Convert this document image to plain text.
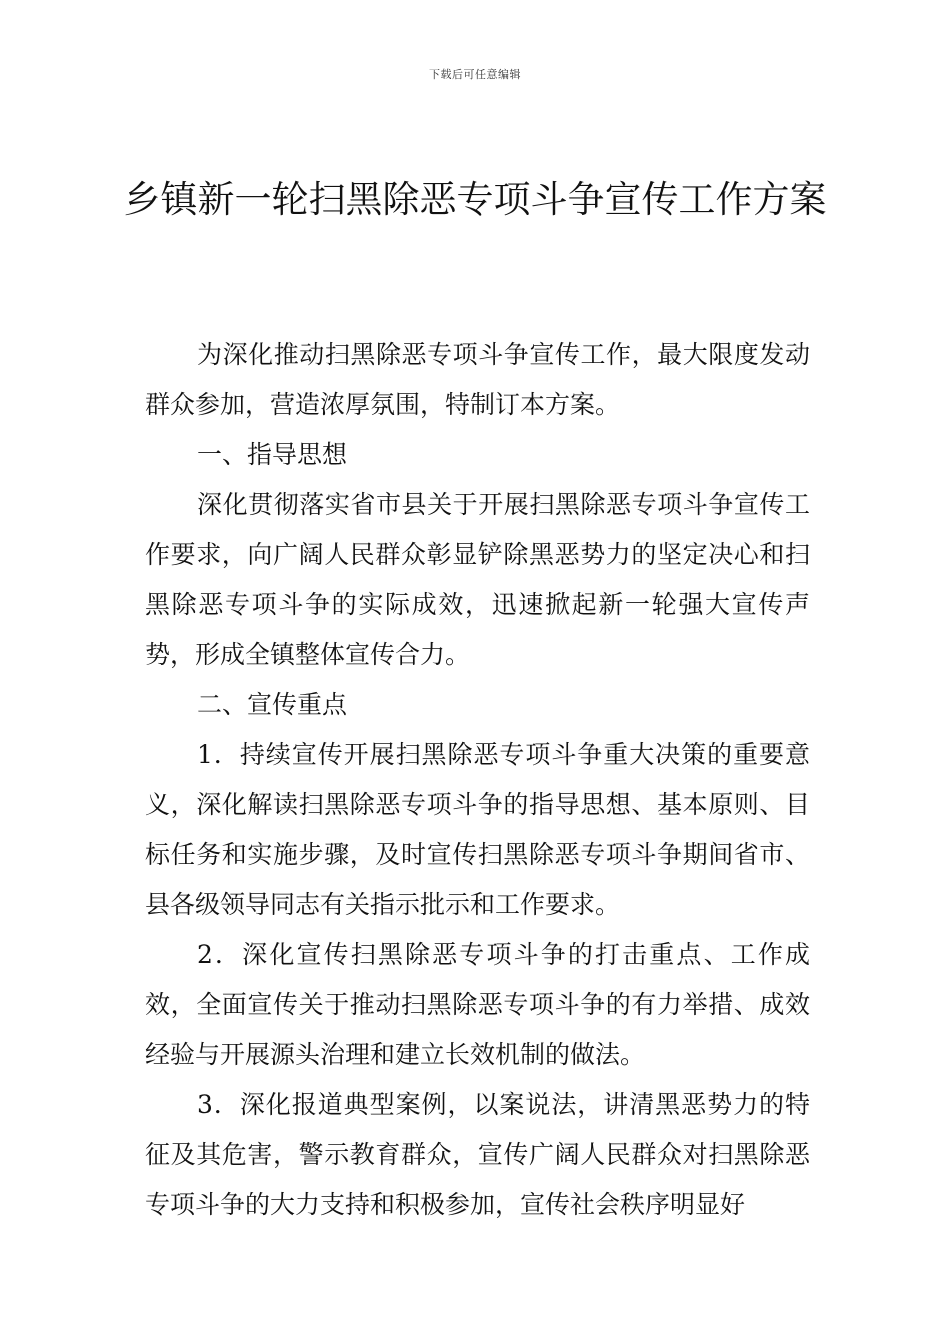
下载后可任意编辑
乡镇新一轮扫黑除恶专项斗争宣传工作方案

为深化推动扫黑除恶专项斗争宣传工作，最大限度发动群众参加，营造浓厚氛围，特制订本方案。

一、指导思想

深化贯彻落实省市县关于开展扫黑除恶专项斗争宣传工作要求，向广阔人民群众彰显铲除黑恶势力的坚定决心和扫黑除恶专项斗争的实际成效，迅速掀起新一轮强大宣传声势，形成全镇整体宣传合力。

二、宣传重点

1．持续宣传开展扫黑除恶专项斗争重大决策的重要意义，深化解读扫黑除恶专项斗争的指导思想、基本原则、目标任务和实施步骤，及时宣传扫黑除恶专项斗争期间省市、县各级领导同志有关指示批示和工作要求。

2．深化宣传扫黑除恶专项斗争的打击重点、工作成效，全面宣传关于推动扫黑除恶专项斗争的有力举措、成效经验与开展源头治理和建立长效机制的做法。

3．深化报道典型案例，以案说法，讲清黑恶势力的特征及其危害，警示教育群众，宣传广阔人民群众对扫黑除恶专项斗争的大力支持和积极参加，宣传社会秩序明显好
